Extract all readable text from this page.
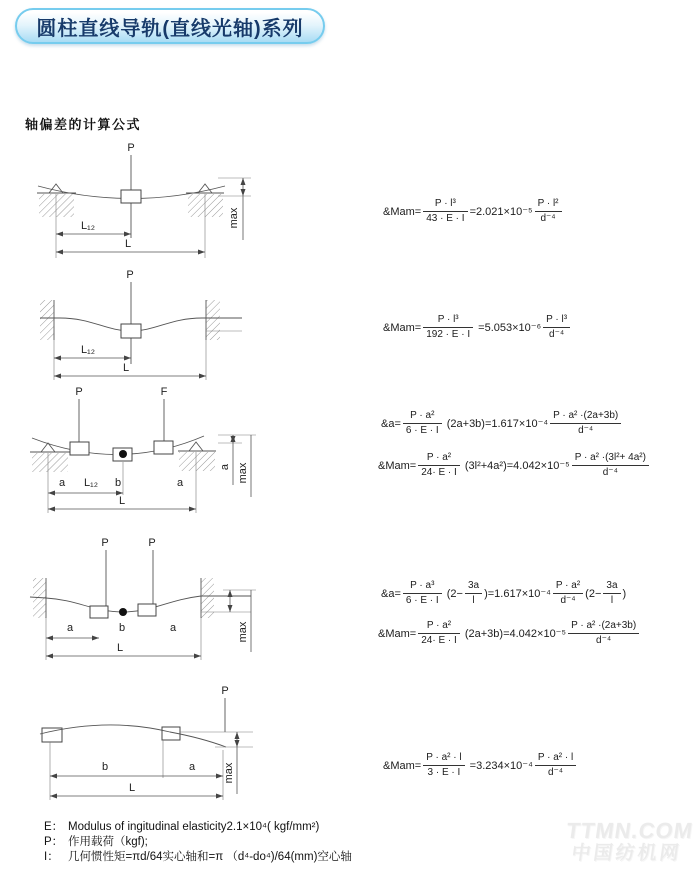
圆柱直线导轨(直线光轴)系列
轴偏差的计算公式
P
max
L₁₂
L
P
L₁₂
L
P	F
a max
a L₁₂ b	a
L
P	P
max
a	b	a
L
P
max
b	a
L
&Mam= $\frac{\text{P · l³}}{43 \cdot E \cdot I} =2.021\times 10^{-5} \frac{\text{P · l²}}{\text{d⁻⁴}}$
&Mam= $\frac{\text{P · l³}}{192 \cdot E \cdot I} =5.053\times 10^{-6} \frac{\text{P · l³}}{\text{d⁻⁴}}$
&a= $\frac{\text{P · a²}}{6 \cdot E \cdot I} (2a+3b)=1.617\times 10^{-4} \frac{\text{P · a² ·(2a+3b)}}{\text{d⁻⁴}}$
&Mam= $\frac{\text{P · a²}}{24\cdot E \cdot I} (3l^2+4a^2)=4.042\times 10^{-5} \frac{\text{P · a² ·(3l²+ 4a²)}}{\text{d⁻⁴}}$
&a= $\frac{\text{P · a³}}{6 \cdot E \cdot I} (2- \frac{3a}{l} )=1.617\times 10^{-4} \frac{\text{P · a²}}{\text{d⁻⁴}} (2- \frac{3a}{l}$ )
&Mam= $\frac{\text{P · a²}}{24\cdot E \cdot I} (2a+3b)=4.042\times 10^{-5} \frac{\text{P · a² ·(2a+3b)}}{\text{d⁻⁴}}$
&Mam= $\frac{\text{P · a² · l}}{3 \cdot E \cdot I} =3.234\times 10^{-4} \frac{\text{P · a² · l}}{\text{d⁻⁴}}$
E： Modulus of ingitudinal elasticity2.1×10⁴( kgf/mm²)
P： 作用载荷（kgf);
I： 几何惯性矩=πd/64实心轴和=π （d⁴-do⁴)/64(mm)空心轴
TTMN.COM
中国纺机网
